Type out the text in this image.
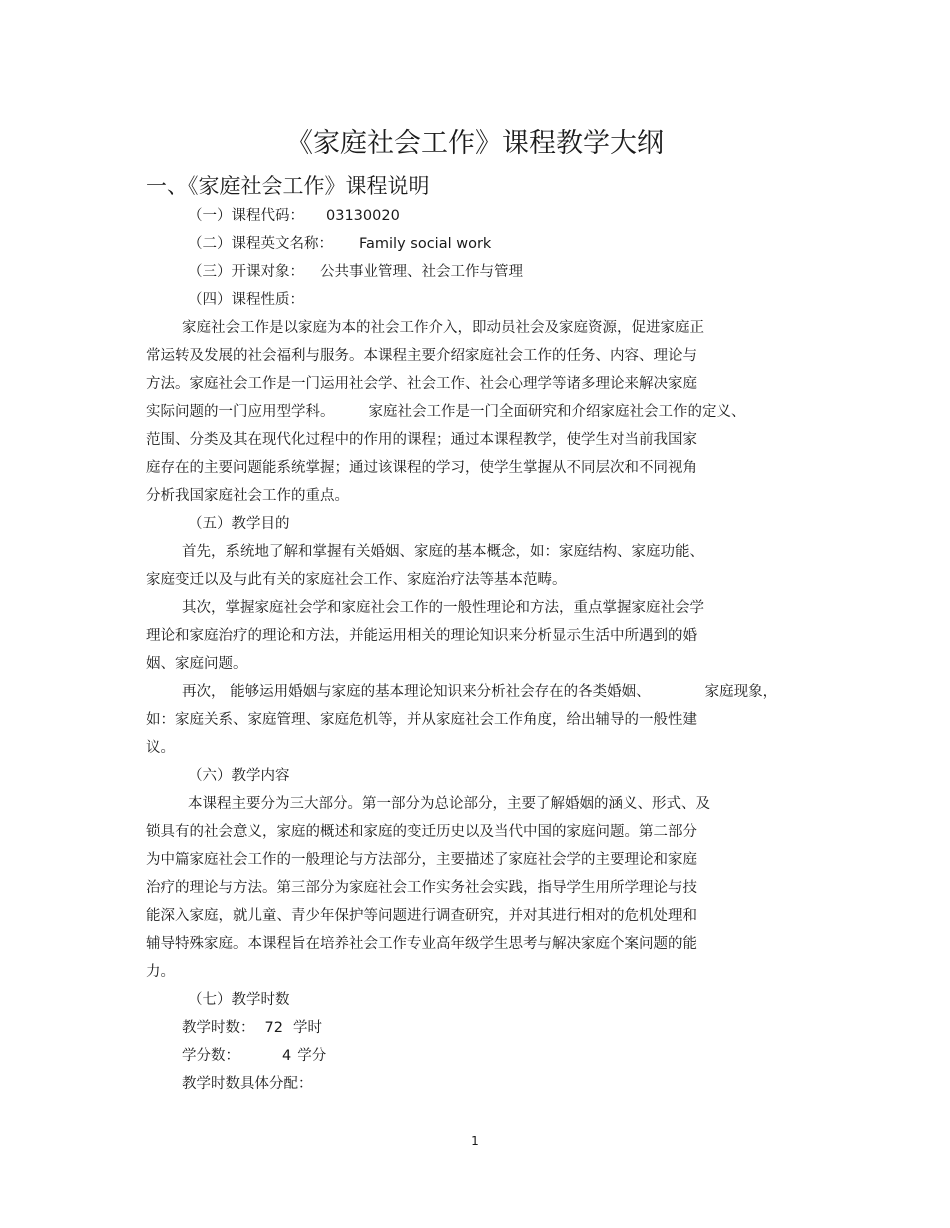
《家庭社会工作》课程教学大纲
一、《家庭社会工作》课程说明
（一）课程代码： 03130020
（二）课程英文名称： Family social work
（三）开课对象： 公共事业管理、社会工作与管理
（四）课程性质：
家庭社会工作是以家庭为本的社会工作介入，即动员社会及家庭资源，促进家庭正
常运转及发展的社会福利与服务。本课程主要介绍家庭社会工作的任务、内容、理论与
方法。家庭社会工作是一门运用社会学、社会工作、社会心理学等诸多理论来解决家庭
实际问题的一门应用型学科。 家庭社会工作是一门全面研究和介绍家庭社会工作的定义、
范围、分类及其在现代化过程中的作用的课程；通过本课程教学，使学生对当前我国家
庭存在的主要问题能系统掌握；通过该课程的学习，使学生掌握从不同层次和不同视角
分析我国家庭社会工作的重点。
（五）教学目的
首先，系统地了解和掌握有关婚姻、家庭的基本概念，如：家庭结构、家庭功能、
家庭变迁以及与此有关的家庭社会工作、家庭治疗法等基本范畴。
其次，掌握家庭社会学和家庭社会工作的一般性理论和方法，重点掌握家庭社会学
理论和家庭治疗的理论和方法，并能运用相关的理论知识来分析显示生活中所遇到的婚
姻、家庭问题。
再次， 能够运用婚姻与家庭的基本理论知识来分析社会存在的各类婚姻、	家庭现象，
如：家庭关系、家庭管理、家庭危机等，并从家庭社会工作角度，给出辅导的一般性建
议。
（六）教学内容
本课程主要分为三大部分。第一部分为总论部分，主要了解婚姻的涵义、形式、及
锁具有的社会意义，家庭的概述和家庭的变迁历史以及当代中国的家庭问题。第二部分
为中篇家庭社会工作的一般理论与方法部分，主要描述了家庭社会学的主要理论和家庭
治疗的理论与方法。第三部分为家庭社会工作实务社会实践，指导学生用所学理论与技
能深入家庭，就儿童、青少年保护等问题进行调查研究，并对其进行相对的危机处理和
辅导特殊家庭。本课程旨在培养社会工作专业高年级学生思考与解决家庭个案问题的能
力。
（七）教学时数
教学时数： 72 学时
学分数：	4 学分
教学时数具体分配：
1
